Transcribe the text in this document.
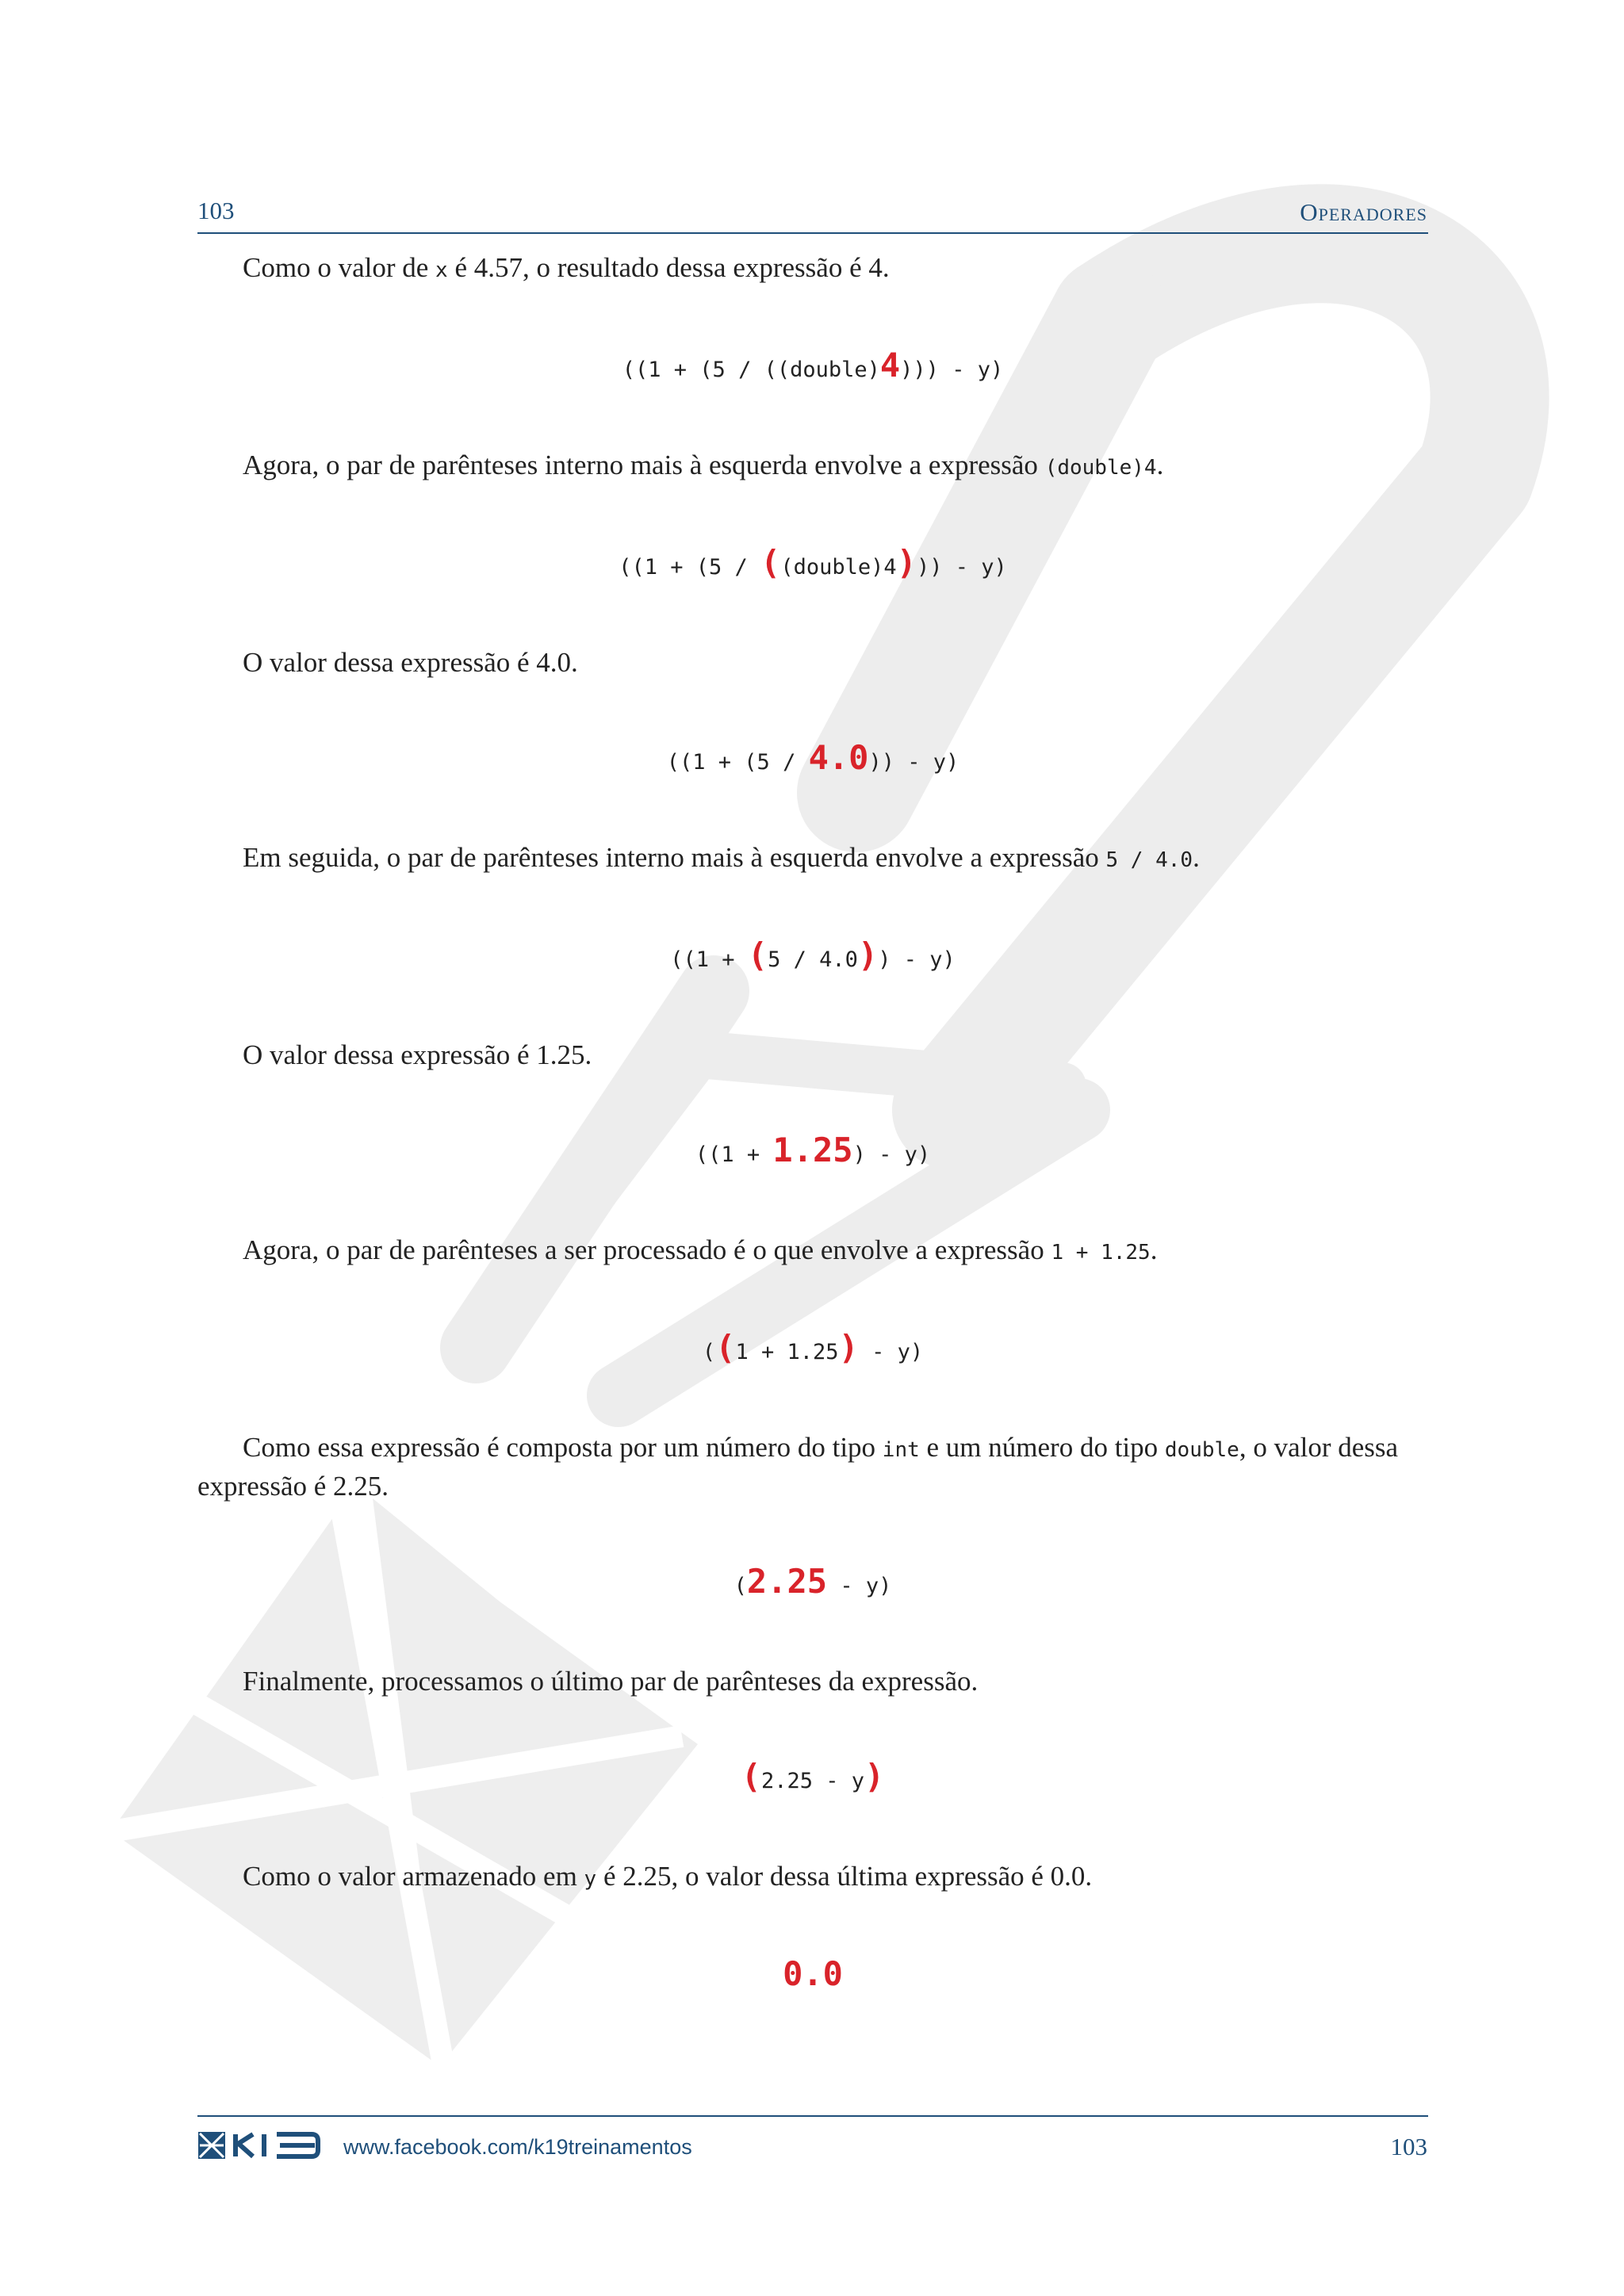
103	Operadores

Como o valor de x é 4.57, o resultado dessa expressão é 4.

((1 + (5 / ((double)4))) - y)

Agora, o par de parênteses interno mais à esquerda envolve a expressão (double)4.

((1 + (5 / ((double)4))) - y)

O valor dessa expressão é 4.0.

((1 + (5 / 4.0)) - y)

Em seguida, o par de parênteses interno mais à esquerda envolve a expressão 5 / 4.0.

((1 + (5 / 4.0)) - y)

O valor dessa expressão é 1.25.

((1 + 1.25) - y)

Agora, o par de parênteses a ser processado é o que envolve a expressão 1 + 1.25.

((1 + 1.25) - y)

Como essa expressão é composta por um número do tipo int e um número do tipo double, o valor dessa expressão é 2.25.

(2.25 - y)

Finalmente, processamos o último par de parênteses da expressão.

(2.25 - y)

Como o valor armazenado em y é 2.25, o valor dessa última expressão é 0.0.

0.0

K19
www.facebook.com/k19treinamentos	103
